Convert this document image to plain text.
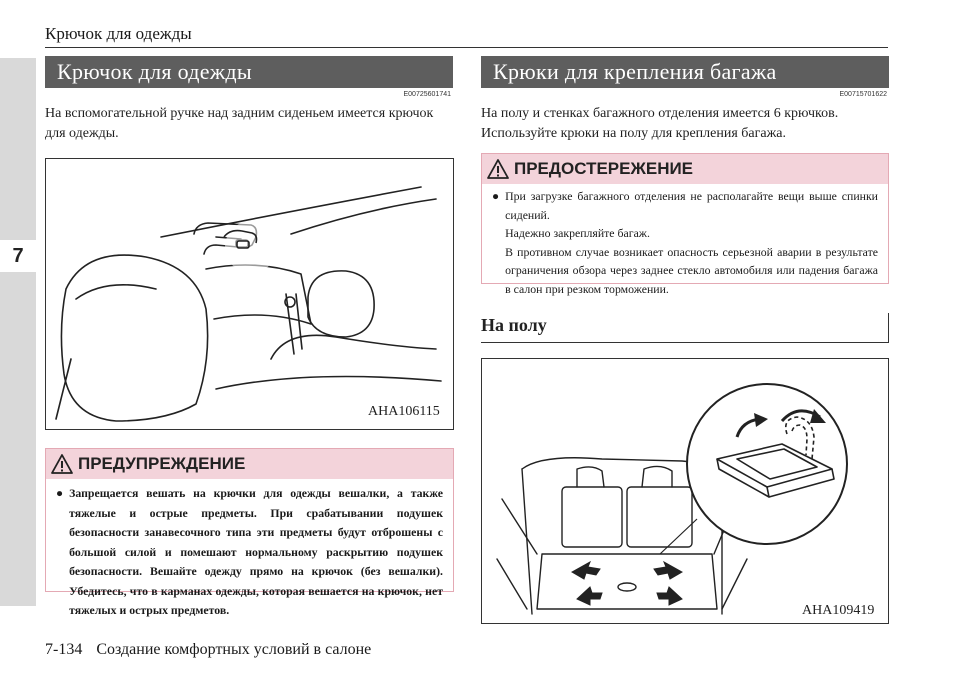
Крючок для одежды
7
Крючок для одежды
E00725601741
На вспомогательной ручке над задним сиденьем имеется крючок для одежды.
AHA106115
ПРЕДУПРЕЖДЕНИЕ
● Запрещается вешать на крючки для одежды вешалки, а также тяжелые и острые предметы. При срабатывании подушек безопасности занавесочного типа эти предметы будут отброшены с большой силой и помешают нормальному раскрытию подушек безопасности. Вешайте одежду прямо на крючок (без вешалки). Убедитесь, что в карманах одежды, которая вешается на крючок, нет тяжелых и острых предметов.
Крюки для крепления багажа
E00715701622
На полу и стенках багажного отделения имеется 6 крючков. Используйте крюки на полу для крепления багажа.
ПРЕДОСТЕРЕЖЕНИЕ
● При загрузке багажного отделения не располагайте вещи выше спинки сидений.
Надежно закрепляйте багаж.
В противном случае возникает опасность серьезной аварии в результате ограничения обзора через заднее стекло автомобиля или падения багажа в салон при резком торможении.
На полу
AHA109419
7-134 Создание комфортных условий в салоне
